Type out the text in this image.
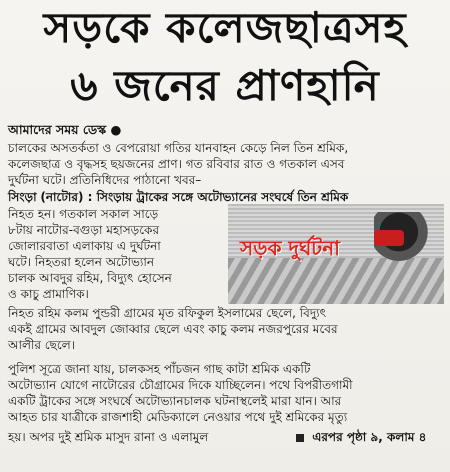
সড়কে কলেজছাত্রসহ
৬ জনের প্রাণহানি
আমাদের সময় ডেস্ক ●
চালকের অসতর্কতা ও বেপরোয়া গতির যানবাহন কেড়ে নিল তিন শ্রমিক,
কলেজছাত্র ও বৃদ্ধসহ ছয়জনের প্রাণ। গত রবিবার রাত ও গতকাল এসব
দুর্ঘটনা ঘটে। প্রতিনিধিদের পাঠানো খবর–
সিংড়া (নাটোর) : সিংড়ায় ট্রাকের সঙ্গে অটোভ্যানের সংঘর্ষে তিন শ্রমিক
নিহত হন। গতকাল সকাল সাড়ে
৮টায় নাটোর-বগুড়া মহাসড়কের
জোলারবাতা এলাকায় এ দুর্ঘটনা
ঘটে। নিহতরা হলেন অটোভ্যান
চালক আবদুর রহিম, বিদ্যুৎ হোসেন
ও কাচু প্রামাণিক।
সড়ক দুর্ঘটনা
নিহত রহিম কলম পুন্ডরী গ্রামের মৃত রফিকুল ইসলামের ছেলে, বিদ্যুৎ
একই গ্রামের আবদুল জোব্বার ছেলে এবং কাচু কলম নজরপুরের মবের
আলীর ছেলে।
পুলিশ সূত্রে জানা যায়, চালকসহ পাঁচজন গাছ কাটা শ্রমিক একটি
অটোভ্যান যোগে নাটোরের চৌগ্রামের দিকে যাচ্ছিলেন। পথে বিপরীতগামী
একটি ট্রাকের সঙ্গে সংঘর্ষে অটোভ্যানচালক ঘটনাস্থলেই মারা যান। আর
আহত চার যাত্রীকে রাজশাহী মেডিক্যালে নেওয়ার পথে দুই শ্রমিকের মৃত্যু
হয়। অপর দুই শ্রমিক মাসুদ রানা ও এলামুল	এরপর পৃষ্ঠা ৯, কলাম ৪
